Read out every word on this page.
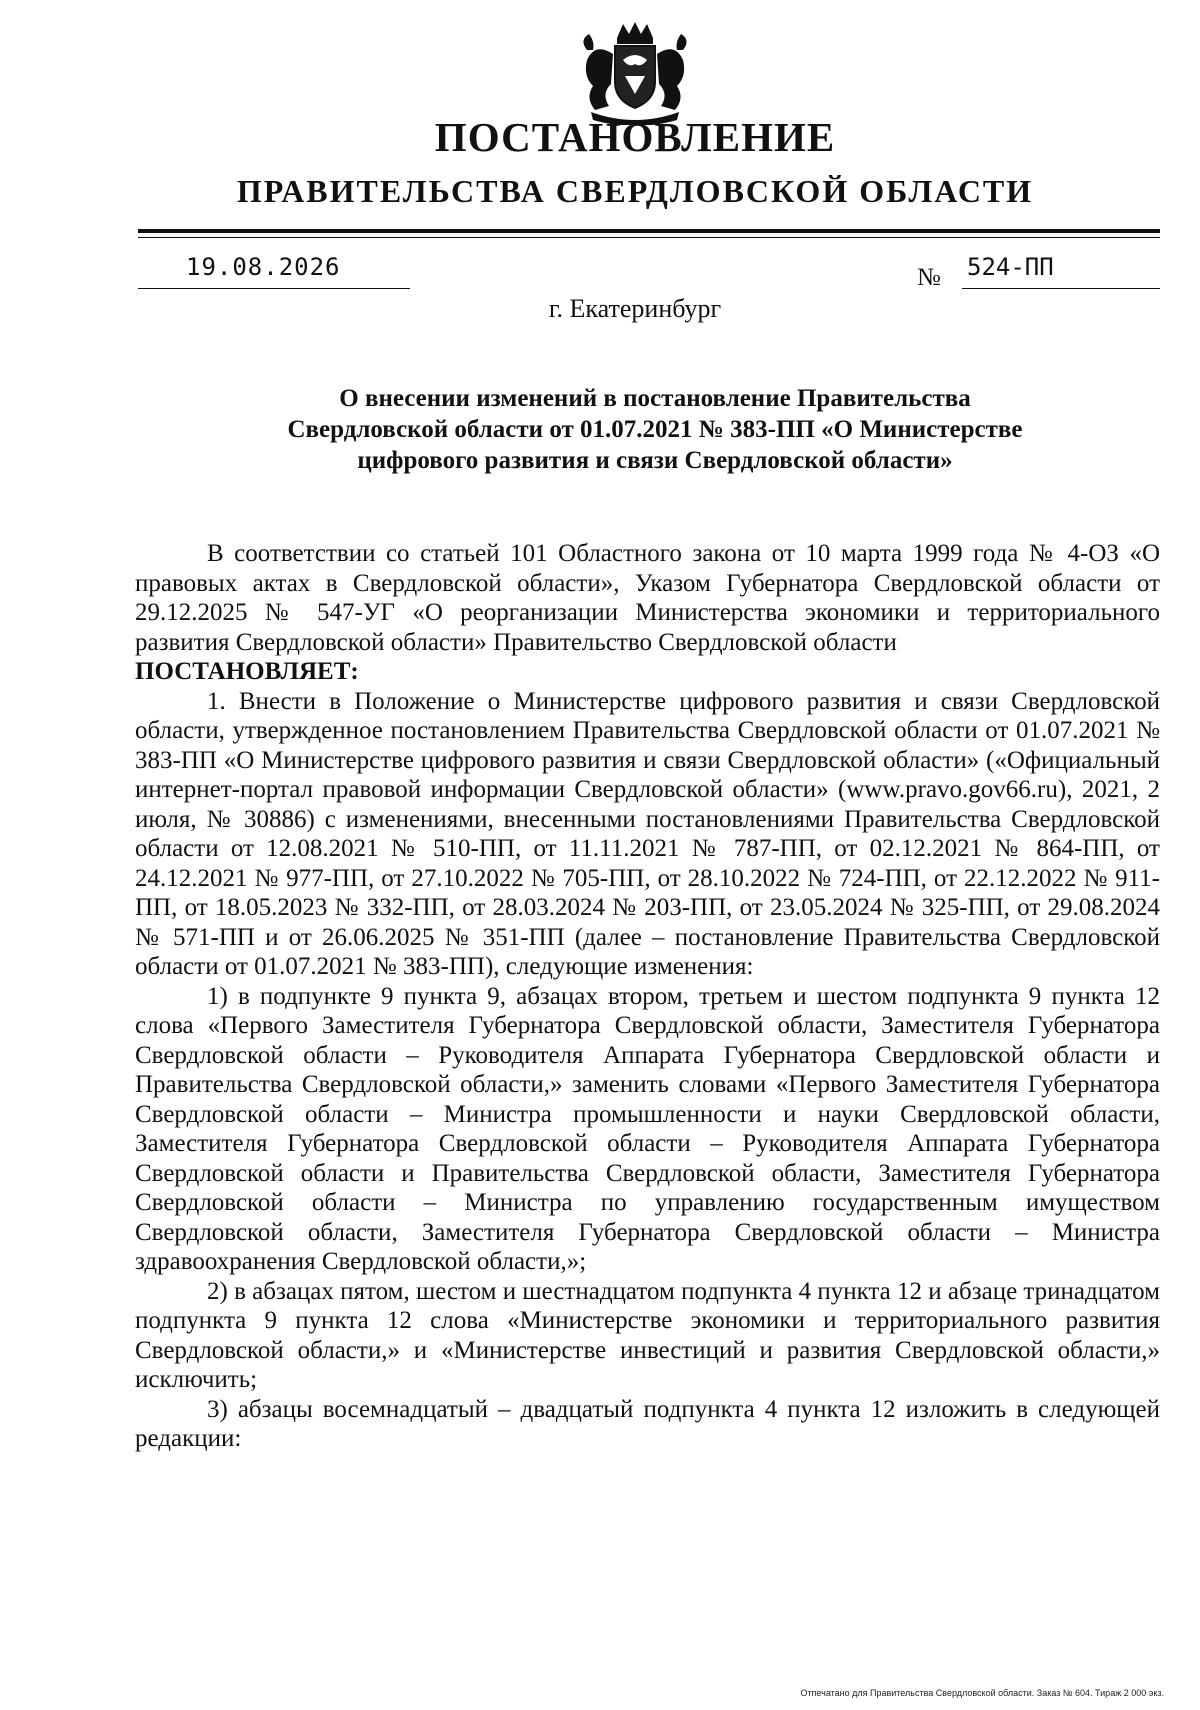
ПОСТАНОВЛЕНИЕ
ПРАВИТЕЛЬСТВА СВЕРДЛОВСКОЙ ОБЛАСТИ
19.08.2026	№ 524-ПП
г. Екатеринбург
О внесении изменений в постановление Правительства
Свердловской области от 01.07.2021 № 383-ПП «О Министерстве
цифрового развития и связи Свердловской области»

В соответствии со статьей 101 Областного закона от 10 марта 1999 года № 4-ОЗ «О правовых актах в Свердловской области», Указом Губернатора Свердловской области от 29.12.2025 № 547-УГ «О реорганизации Министерства экономики и территориального развития Свердловской области» Правительство Свердловской области

ПОСТАНОВЛЯЕТ:

1. Внести в Положение о Министерстве цифрового развития и связи Свердловской области, утвержденное постановлением Правительства Свердловской области от 01.07.2021 № 383-ПП «О Министерстве цифрового развития и связи Свердловской области» («Официальный интернет-портал правовой информации Свердловской области» (www.pravo.gov66.ru), 2021, 2 июля, № 30886) с изменениями, внесенными постановлениями Правительства Свердловской области от 12.08.2021 № 510-ПП, от 11.11.2021 № 787-ПП, от 02.12.2021 № 864-ПП, от 24.12.2021 № 977-ПП, от 27.10.2022 № 705-ПП, от 28.10.2022 № 724-ПП, от 22.12.2022 № 911-ПП, от 18.05.2023 № 332-ПП, от 28.03.2024 № 203-ПП, от 23.05.2024 № 325-ПП, от 29.08.2024 № 571-ПП и от 26.06.2025 № 351-ПП (далее – постановление Правительства Свердловской области от 01.07.2021 № 383-ПП), следующие изменения:

1) в подпункте 9 пункта 9, абзацах втором, третьем и шестом подпункта 9 пункта 12 слова «Первого Заместителя Губернатора Свердловской области, Заместителя Губернатора Свердловской области – Руководителя Аппарата Губернатора Свердловской области и Правительства Свердловской области,» заменить словами «Первого Заместителя Губернатора Свердловской области – Министра промышленности и науки Свердловской области, Заместителя Губернатора Свердловской области – Руководителя Аппарата Губернатора Свердловской области и Правительства Свердловской области, Заместителя Губернатора Свердловской области – Министра по управлению государственным имуществом Свердловской области, Заместителя Губернатора Свердловской области – Министра здравоохранения Свердловской области,»;

2) в абзацах пятом, шестом и шестнадцатом подпункта 4 пункта 12 и абзаце тринадцатом подпункта 9 пункта 12 слова «Министерстве экономики и территориального развития Свердловской области,» и «Министерстве инвестиций и развития Свердловской области,» исключить;

3) абзацы восемнадцатый – двадцатый подпункта 4 пункта 12 изложить в следующей редакции:

Отпечатано для Правительства Свердловской области. Заказ № 604. Тираж 2 000 экз.
